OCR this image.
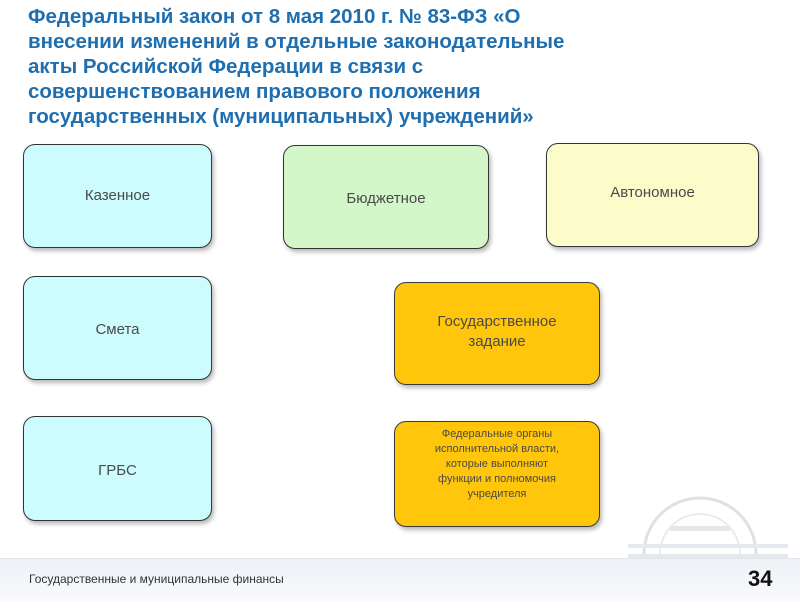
Федеральный закон от 8 мая 2010 г. № 83-ФЗ «О
внесении изменений в отдельные законодательные
акты Российской Федерации в связи с
совершенствованием правового положения
государственных (муниципальных) учреждений»
Казенное	Бюджетное	Автономное
Смета	Государственное
задание
ГРБС
Федеральные органы
исполнительной власти,
которые выполняют
функции и полномочия
учредителя
Государственные и муниципальные финансы	34
